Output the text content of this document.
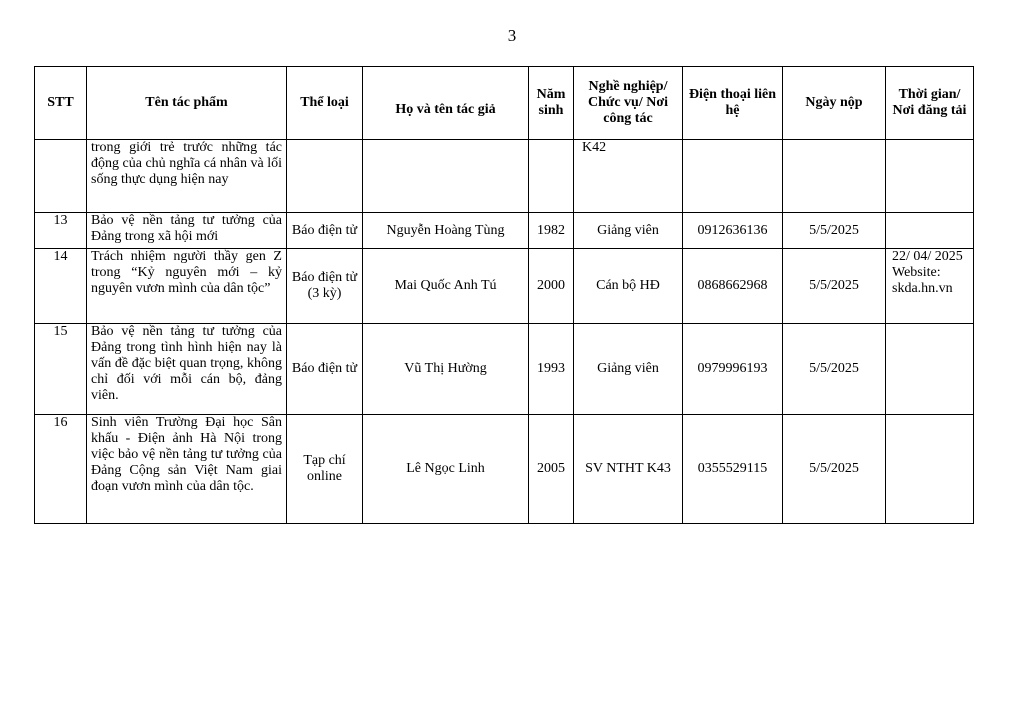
3
STT	Tên tác phẩm	Thể loại	Họ và tên tác giả	Năm sinh	Nghề nghiệp/ Chức vụ/ Nơi công tác	Điện thoại liên hệ	Ngày nộp	Thời gian/ Nơi đăng tải
	trong giới trẻ trước những tác động của chủ nghĩa cá nhân và lối sống thực dụng hiện nay				K42			
13	Bảo vệ nền tảng tư tưởng của Đảng trong xã hội mới	Báo điện tử	Nguyễn Hoàng Tùng	1982	Giảng viên	0912636136	5/5/2025	
14	Trách nhiệm người thầy gen Z trong “Kỷ nguyên mới – kỷ nguyên vươn mình của dân tộc”	Báo điện tử (3 kỳ)	Mai Quốc Anh Tú	2000	Cán bộ HĐ	0868662968	5/5/2025	22/ 04/ 2025 Website: skda.hn.vn
15	Bảo vệ nền tảng tư tưởng của Đảng trong tình hình hiện nay là vấn đề đặc biệt quan trọng, không chỉ đối với mỗi cán bộ, đảng viên.	Báo điện tử	Vũ Thị Hường	1993	Giảng viên	0979996193	5/5/2025	
16	Sinh viên Trường Đại học Sân khấu - Điện ảnh Hà Nội trong việc bảo vệ nền tảng tư tưởng của Đảng Cộng sản Việt Nam giai đoạn vươn mình của dân tộc.	Tạp chí online	Lê Ngọc Linh	2005	SV NTHT K43	0355529115	5/5/2025	
